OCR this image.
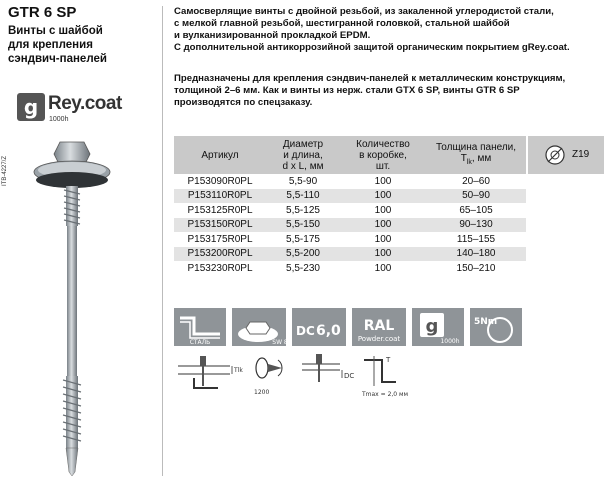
GTR 6 SP
Винты с шайбой
для крепления
сэндвич-панелей
g Rey.coat
1000h
ITB-4227/Z
Самосверлящие винты с двойной резьбой, из закаленной углеродистой стали,
с мелкой главной резьбой, шестигранной головкой, стальной шайбой
и вулканизированной прокладкой EPDM.
С дополнительной антикоррозийной защитой органическим покрытием gRey.coat.
Предназначены для крепления сэндвич-панелей к металлическим конструкциям,
толщиной 2–6 мм. Как и винты из нерж. стали GTX 6 SP, винты GTR 6 SP
производятся по спецзаказу.
Артикул	Диаметр
и длина,
d x L, мм	Количество
в коробке,
шт.	Толщина панели,
$T_{lk}$, мм
P153090R0PL	5,5-90	100	20–60
P153110R0PL	5,5-110	100	50–90
P153125R0PL	5,5-125	100	65–105
P153150R0PL	5,5-150	100	90–130
P153175R0PL	5,5-175	100	115–155
P153200R0PL	5,5-200	100	140–180
P153230R0PL	5,5-230	100	150–210
Z19
СТАЛЬ	SW 8
DC 6,0 RAL
Powder.coat
g
1000h
5Nm
Tlk
1200
DC
T
Tmax = 2,0 мм
